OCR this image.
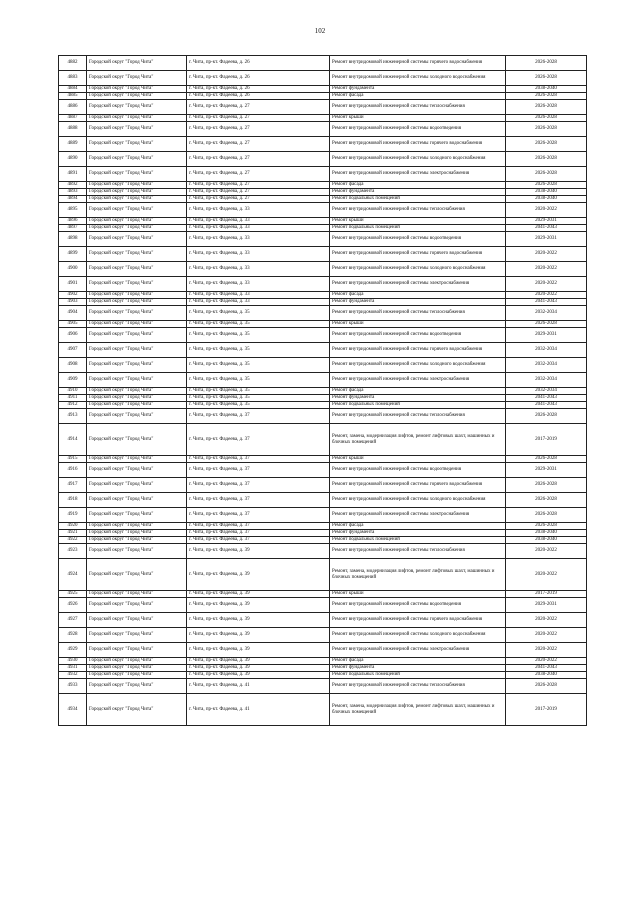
102
4882	Городской округ "Город Чита"	г. Чита, пр-кт. Фадеева, д. 26	Ремонт внутридомовой инженерной системы горячего водоснабжения	2026-2028
4883	Городской округ "Город Чита"	г. Чита, пр-кт. Фадеева, д. 26	Ремонт внутридомовой инженерной системы холодного водоснабжения	2026-2028
4884	Городской округ "Город Чита"	г. Чита, пр-кт. Фадеева, д. 26	Ремонт фундамента	2038-2040
4885	Городской округ "Город Чита"	г. Чита, пр-кт. Фадеева, д. 26	Ремонт фасада	2026-2028
4886	Городской округ "Город Чита"	г. Чита, пр-кт. Фадеева, д. 27	Ремонт внутридомовой инженерной системы теплоснабжения	2026-2028
4887	Городской округ "Город Чита"	г. Чита, пр-кт. Фадеева, д. 27	Ремонт крыши	2026-2028
4888	Городской округ "Город Чита"	г. Чита, пр-кт. Фадеева, д. 27	Ремонт внутридомовой инженерной системы водоотведения	2026-2028
4889	Городской округ "Город Чита"	г. Чита, пр-кт. Фадеева, д. 27	Ремонт внутридомовой инженерной системы горячего водоснабжения	2026-2028
4890	Городской округ "Город Чита"	г. Чита, пр-кт. Фадеева, д. 27	Ремонт внутридомовой инженерной системы холодного водоснабжения	2026-2028
4891	Городской округ "Город Чита"	г. Чита, пр-кт. Фадеева, д. 27	Ремонт внутридомовой инженерной системы электроснабжения	2026-2028
4892	Городской округ "Город Чита"	г. Чита, пр-кт. Фадеева, д. 27	Ремонт фасада	2026-2028
4893	Городской округ "Город Чита"	г. Чита, пр-кт. Фадеева, д. 27	Ремонт фундамента	2038-2040
4894	Городской округ "Город Чита"	г. Чита, пр-кт. Фадеева, д. 27	Ремонт подвальных помещений	2038-2040
4895	Городской округ "Город Чита"	г. Чита, пр-кт. Фадеева, д. 33	Ремонт внутридомовой инженерной системы теплоснабжения	2020-2022
4896	Городской округ "Город Чита"	г. Чита, пр-кт. Фадеева, д. 33	Ремонт крыши	2029-2031
4897	Городской округ "Город Чита"	г. Чита, пр-кт. Фадеева, д. 33	Ремонт подвальных помещений	2041-2043
4898	Городской округ "Город Чита"	г. Чита, пр-кт. Фадеева, д. 33	Ремонт внутридомовой инженерной системы водоотведения	2029-2031
4899	Городской округ "Город Чита"	г. Чита, пр-кт. Фадеева, д. 33	Ремонт внутридомовой инженерной системы горячего водоснабжения	2020-2022
4900	Городской округ "Город Чита"	г. Чита, пр-кт. Фадеева, д. 33	Ремонт внутридомовой инженерной системы холодного водоснабжения	2020-2022
4901	Городской округ "Город Чита"	г. Чита, пр-кт. Фадеева, д. 33	Ремонт внутридомовой инженерной системы электроснабжения	2020-2022
4902	Городской округ "Город Чита"	г. Чита, пр-кт. Фадеева, д. 33	Ремонт фасада	2020-2022
4903	Городской округ "Город Чита"	г. Чита, пр-кт. Фадеева, д. 33	Ремонт фундамента	2041-2043
4904	Городской округ "Город Чита"	г. Чита, пр-кт. Фадеева, д. 35	Ремонт внутридомовой инженерной системы теплоснабжения	2032-2034
4905	Городской округ "Город Чита"	г. Чита, пр-кт. Фадеева, д. 35	Ремонт крыши	2026-2028
4906	Городской округ "Город Чита"	г. Чита, пр-кт. Фадеева, д. 35	Ремонт внутридомовой инженерной системы водоотведения	2029-2031
4907	Городской округ "Город Чита"	г. Чита, пр-кт. Фадеева, д. 35	Ремонт внутридомовой инженерной системы горячего водоснабжения	2032-2034
4908	Городской округ "Город Чита"	г. Чита, пр-кт. Фадеева, д. 35	Ремонт внутридомовой инженерной системы холодного водоснабжения	2032-2034
4909	Городской округ "Город Чита"	г. Чита, пр-кт. Фадеева, д. 35	Ремонт внутридомовой инженерной системы электроснабжения	2032-2034
4910	Городской округ "Город Чита"	г. Чита, пр-кт. Фадеева, д. 35	Ремонт фасада	2032-2034
4911	Городской округ "Город Чита"	г. Чита, пр-кт. Фадеева, д. 35	Ремонт фундамента	2041-2043
4912	Городской округ "Город Чита"	г. Чита, пр-кт. Фадеева, д. 35	Ремонт подвальных помещений	2041-2043
4913	Городской округ "Город Чита"	г. Чита, пр-кт. Фадеева, д. 37	Ремонт внутридомовой инженерной системы теплоснабжения	2026-2028
4914	Городской округ "Город Чита"	г. Чита, пр-кт. Фадеева, д. 37	Ремонт, замена, модернизация лифтов, ремонт лифтовых шахт, машинных и блочных помещений	2017-2019
4915	Городской округ "Город Чита"	г. Чита, пр-кт. Фадеева, д. 37	Ремонт крыши	2026-2028
4916	Городской округ "Город Чита"	г. Чита, пр-кт. Фадеева, д. 37	Ремонт внутридомовой инженерной системы водоотведения	2029-2031
4917	Городской округ "Город Чита"	г. Чита, пр-кт. Фадеева, д. 37	Ремонт внутридомовой инженерной системы горячего водоснабжения	2026-2028
4918	Городской округ "Город Чита"	г. Чита, пр-кт. Фадеева, д. 37	Ремонт внутридомовой инженерной системы холодного водоснабжения	2026-2028
4919	Городской округ "Город Чита"	г. Чита, пр-кт. Фадеева, д. 37	Ремонт внутридомовой инженерной системы электроснабжения	2026-2028
4920	Городской округ "Город Чита"	г. Чита, пр-кт. Фадеева, д. 37	Ремонт фасада	2026-2028
4921	Городской округ "Город Чита"	г. Чита, пр-кт. Фадеева, д. 37	Ремонт фундамента	2038-2040
4922	Городской округ "Город Чита"	г. Чита, пр-кт. Фадеева, д. 37	Ремонт подвальных помещений	2038-2040
4923	Городской округ "Город Чита"	г. Чита, пр-кт. Фадеева, д. 39	Ремонт внутридомовой инженерной системы теплоснабжения	2020-2022
4924	Городской округ "Город Чита"	г. Чита, пр-кт. Фадеева, д. 39	Ремонт, замена, модернизация лифтов, ремонт лифтовых шахт, машинных и блочных помещений	2020-2022
4925	Городской округ "Город Чита"	г. Чита, пр-кт. Фадеева, д. 39	Ремонт крыши	2017-2019
4926	Городской округ "Город Чита"	г. Чита, пр-кт. Фадеева, д. 39	Ремонт внутридомовой инженерной системы водоотведения	2029-2031
4927	Городской округ "Город Чита"	г. Чита, пр-кт. Фадеева, д. 39	Ремонт внутридомовой инженерной системы горячего водоснабжения	2020-2022
4928	Городской округ "Город Чита"	г. Чита, пр-кт. Фадеева, д. 39	Ремонт внутридомовой инженерной системы холодного водоснабжения	2020-2022
4929	Городской округ "Город Чита"	г. Чита, пр-кт. Фадеева, д. 39	Ремонт внутридомовой инженерной системы электроснабжения	2020-2022
4930	Городской округ "Город Чита"	г. Чита, пр-кт. Фадеева, д. 39	Ремонт фасада	2020-2022
4931	Городской округ "Город Чита"	г. Чита, пр-кт. Фадеева, д. 39	Ремонт фундамента	2041-2043
4932	Городской округ "Город Чита"	г. Чита, пр-кт. Фадеева, д. 39	Ремонт подвальных помещений	2038-2040
4933	Городской округ "Город Чита"	г. Чита, пр-кт. Фадеева, д. 41	Ремонт внутридомовой инженерной системы теплоснабжения	2026-2028
4934	Городской округ "Город Чита"	г. Чита, пр-кт. Фадеева, д. 41	Ремонт, замена, модернизация лифтов, ремонт лифтовых шахт, машинных и блочных помещений	2017-2019
